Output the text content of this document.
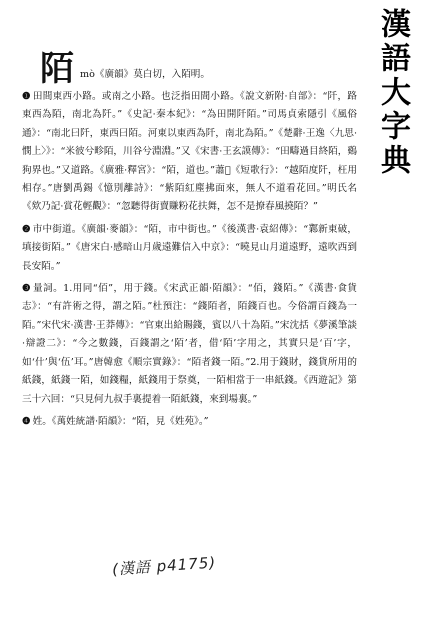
漢語大字典
陌 mò《廣韻》莫白切，入陌明。

❶ 田間東西小路。或南之小路。也泛指田間小路。《說文新附·自部》：“阡，路東西為陌，南北為阡。”《史記·秦本紀》：“為田開阡陌。”司馬貞索隱引《風俗通》：“南北曰阡，東西曰陌。河東以東西為阡，南北為陌。”《楚辭·王逸〈九思·憫上〉》：“米彼兮畛陌，川谷兮淵淵。”又《宋書·王玄謨傳》：“田疇過目終陌，鷄狗界也。”又道路。《廣雅·釋宮》：“陌，道也。”蕭𦂺《短歌行》：“越陌度阡，枉用相存。”唐劉禹錫《憶別離詩》：“紫陌紅塵拂面來，無人不道看花回。”明氏名《欸乃記·賞花輕觀》：“忽聽得街賣賺粉花扶舞，怎不是撩春風撓陌？”

❷ 市中街道。《廣韻·麥韻》：“陌，市中街也。”《後漢書·袁紹傳》：“鄴新東破，填接街陌。”《唐宋白·感暗山月歲遠難信入中京》：“曉見山月道遠野，遠吹西到長安陌。”

❸ 量詞。1.用同“佰”，用于錢。《宋武正韻·陌韻》：“佰，錢陌。”《漢書·食貨志》：“有許術之得，謂之陌。”杜預注：“錢陌者，陌錢百也。今俗謂百錢為一陌。”宋代宋·漢書·王莽傳》：“官東出給賜錢，賓以八十為陌。”宋沈括《夢溪筆談·辯證二》：“今之數錢，百錢謂之‘陌’者，借‘陌’字用之，其實只是‘百’字，如‘什’與‘伍’耳。”唐韓愈《順宗實錄》：“陌者錢一陌。”2.用于錢財，錢貨所用的紙錢，紙錢一陌，如錢糧，紙錢用于祭奠，一陌相當于一串紙錢。《西遊記》第三十六回：“只見何九叔手裏提着一陌紙錢，來到場裏。”

❹ 姓。《萬姓統譜·陌韻》：“陌，見《姓苑》。”

(漢語 p4175)
